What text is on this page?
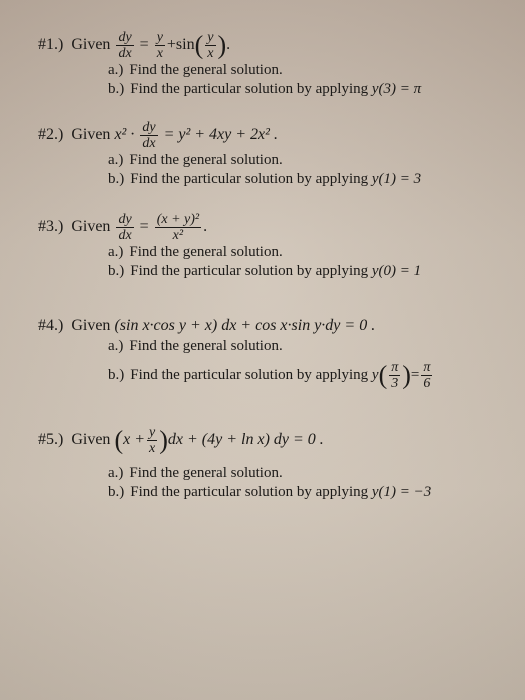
#1.) Given $\frac{dy}{dx} = \frac{y}{x} +\sin( \frac{y}{x}$ ).
a.) Find the general solution.
b.) Find the particular solution by applying y(3) = π
#2.) Given $x^2 \cdot \frac{dy}{dx} = y^2 + 4xy + 2x^2$ .
a.) Find the general solution.
b.) Find the particular solution by applying y(1) = 3
#3.) Given $\frac{dy}{dx} = \frac{\text{(x + y)²}}{\text{x²}}$ .
a.) Find the general solution.
b.) Find the particular solution by applying y(0) = 1
#4.) Given (sin x·cos y + x) dx + cos x·sin y·dy = 0 .
a.) Find the general solution.
b.) Find the particular solution by applying $y( \frac{\pi}{3}$ )= $\frac{\pi}{6}$
#5.) Given $(x + \frac{y}{x} )dx + (4y + \ln x)$ dy = 0 .
a.) Find the general solution.
b.) Find the particular solution by applying y(1) = −3
